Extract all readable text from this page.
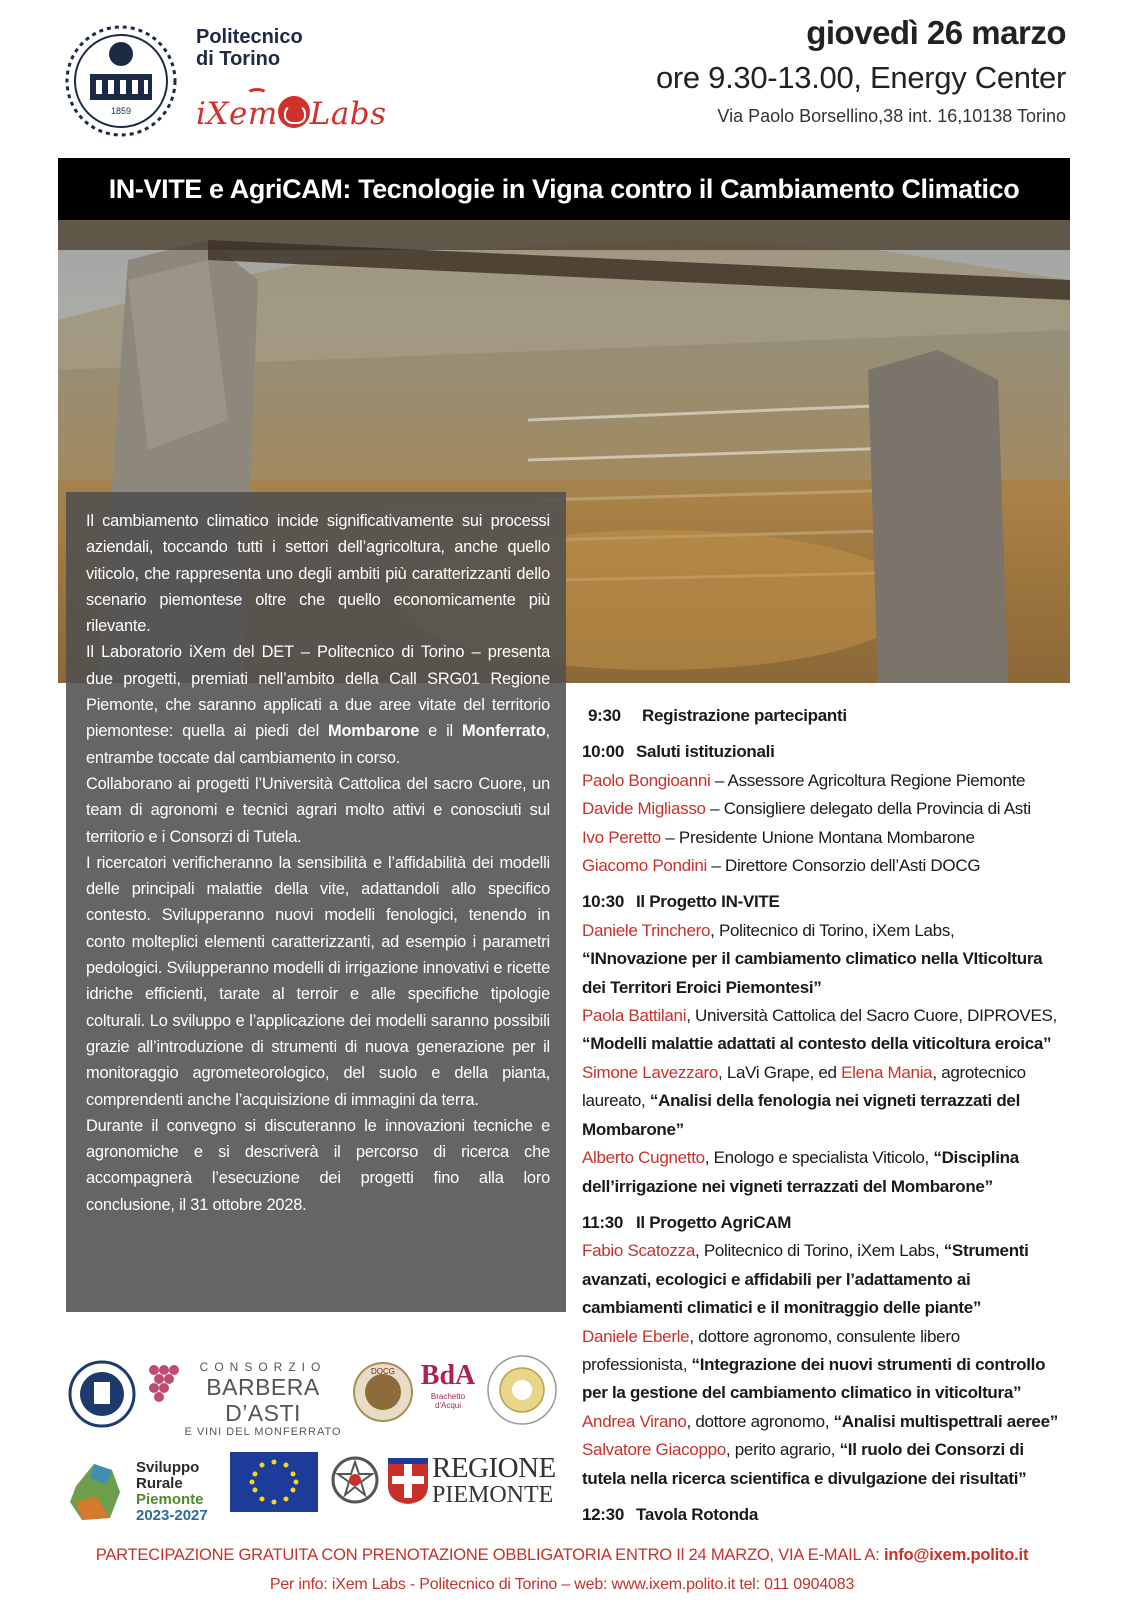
1859
Politecnico
di Torino
iXem Labs
giovedì 26 marzo
ore 9.30-13.00, Energy Center
Via Paolo Borsellino,38 int. 16,10138 Torino
IN-VITE e AgriCAM: Tecnologie in Vigna contro il Cambiamento Climatico

Il cambiamento climatico incide significativamente sui processi aziendali, toccando tutti i settori dell’agricoltura, anche quello viticolo, che rappresenta uno degli ambiti più caratterizzanti dello scenario piemontese oltre che quello economicamente più rilevante.

Il Laboratorio iXem del DET – Politecnico di Torino – presenta due progetti, premiati nell’ambito della Call SRG01 Regione Piemonte, che saranno applicati a due aree vitate del territorio piemontese: quella ai piedi del Mombarone e il Monferrato, entrambe toccate dal cambiamento in corso.

Collaborano ai progetti l’Università Cattolica del sacro Cuore, un team di agronomi e tecnici agrari molto attivi e conosciuti sul territorio e i Consorzi di Tutela.

I ricercatori verificheranno la sensibilità e l’affidabilità dei modelli delle principali malattie della vite, adattandoli allo specifico contesto. Svilupperanno nuovi modelli fenologici, tenendo in conto molteplici elementi caratterizzanti, ad esempio i parametri pedologici. Svilupperanno modelli di irrigazione innovativi e ricette idriche efficienti, tarate al terroir e alle specifiche tipologie colturali. Lo sviluppo e l’applicazione dei modelli saranno possibili grazie all’introduzione di strumenti di nuova generazione per il monitoraggio agrometeorologico, del suolo e della pianta, comprendenti anche l’acquisizione di immagini da terra.

Durante il convegno si discuteranno le innovazioni tecniche e agronomiche e si descriverà il percorso di ricerca che accompagnerà l’esecuzione dei progetti fino alla loro conclusione, il 31 ottobre 2028.

9:30 Registrazione partecipanti
10:00 Saluti istituzionali
Paolo Bongioanni – Assessore Agricoltura Regione Piemonte
Davide Migliasso – Consigliere delegato della Provincia di Asti
Ivo Peretto – Presidente Unione Montana Mombarone
Giacomo Pondini – Direttore Consorzio dell’Asti DOCG
10:30 Il Progetto IN-VITE
Daniele Trinchero, Politecnico di Torino, iXem Labs,
“INnovazione per il cambiamento climatico nella VIticoltura dei Territori Eroici Piemontesi”
Paola Battilani, Università Cattolica del Sacro Cuore, DIPROVES,
“Modelli malattie adattati al contesto della viticoltura eroica”
Simone Lavezzaro, LaVi Grape, ed Elena Mania, agrotecnico laureato, “Analisi della fenologia nei vigneti terrazzati del Mombarone”
Alberto Cugnetto, Enologo e specialista Viticolo, “Disciplina dell’irrigazione nei vigneti terrazzati del Mombarone”
11:30 Il Progetto AgriCAM
Fabio Scatozza, Politecnico di Torino, iXem Labs, “Strumenti avanzati, ecologici e affidabili per l’adattamento ai cambiamenti climatici e il monitraggio delle piante”
Daniele Eberle, dottore agronomo, consulente libero professionista, “Integrazione dei nuovi strumenti di controllo per la gestione del cambiamento climatico in viticoltura”
Andrea Virano, dottore agronomo, “Analisi multispettrali aeree”
Salvatore Giacoppo, perito agrario, “Il ruolo dei Consorzi di tutela nella ricerca scientifica e divulgazione dei risultati”
12:30 Tavola Rotonda
CONSORZIO
BARBERA D’ASTI
E VINI DEL MONFERRATO
DOCG BdA
Brachetto d'Acqui
Sviluppo
Rurale
Piemonte
2023-2027
REGIONE
PIEMONTE
PARTECIPAZIONE GRATUITA CON PRENOTAZIONE OBBLIGATORIA ENTRO Il 24 MARZO, VIA E-MAIL A: info@ixem.polito.it
Per info: iXem Labs - Politecnico di Torino – web: www.ixem.polito.it tel: 011 0904083
